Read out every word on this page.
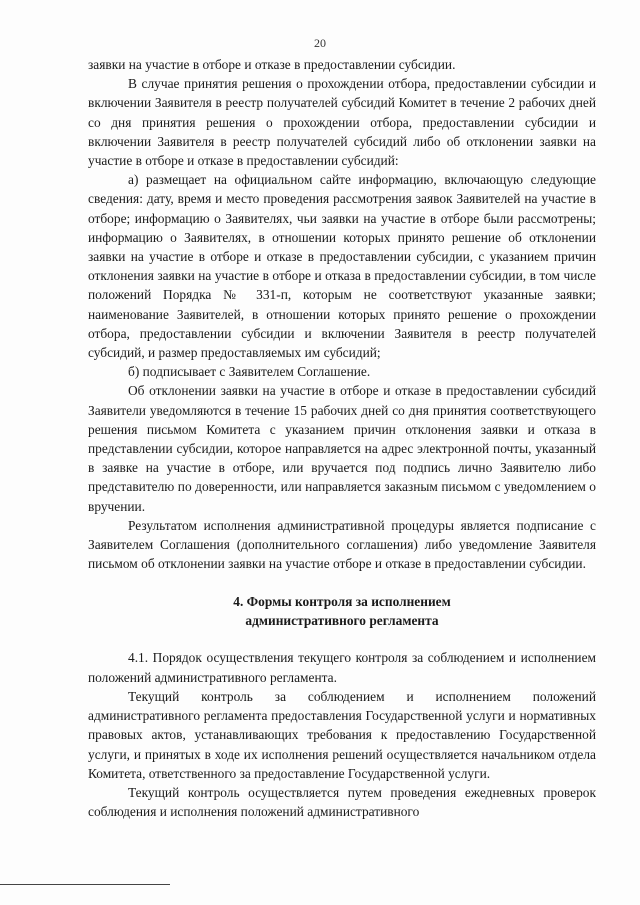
20

заявки на участие в отборе и отказе в предоставлении субсидии.

В случае принятия решения о прохождении отбора, предоставлении субсидии и включении Заявителя в реестр получателей субсидий Комитет в течение 2 рабочих дней со дня принятия решения о прохождении отбора, предоставлении субсидии и включении Заявителя в реестр получателей субсидий либо об отклонении заявки на участие в отборе и отказе в предоставлении субсидий:

а) размещает на официальном сайте информацию, включающую следующие сведения: дату, время и место проведения рассмотрения заявок Заявителей на участие в отборе; информацию о Заявителях, чьи заявки на участие в отборе были рассмотрены; информацию о Заявителях, в отношении которых принято решение об отклонении заявки на участие в отборе и отказе в предоставлении субсидии, с указанием причин отклонения заявки на участие в отборе и отказа в предоставлении субсидии, в том числе положений Порядка № 331-п, которым не соответствуют указанные заявки; наименование Заявителей, в отношении которых принято решение о прохождении отбора, предоставлении субсидии и включении Заявителя в реестр получателей субсидий, и размер предоставляемых им субсидий;

б) подписывает с Заявителем Соглашение.

Об отклонении заявки на участие в отборе и отказе в предоставлении субсидий Заявители уведомляются в течение 15 рабочих дней со дня принятия соответствующего решения письмом Комитета с указанием причин отклонения заявки и отказа в представлении субсидии, которое направляется на адрес электронной почты, указанный в заявке на участие в отборе, или вручается под подпись лично Заявителю либо представителю по доверенности, или направляется заказным письмом с уведомлением о вручении.

Результатом исполнения административной процедуры является подписание с Заявителем Соглашения (дополнительного соглашения) либо уведомление Заявителя письмом об отклонении заявки на участие отборе и отказе в предоставлении субсидии.

4. Формы контроля за исполнением
административного регламента

4.1. Порядок осуществления текущего контроля за соблюдением и исполнением положений административного регламента.

Текущий контроль за соблюдением и исполнением положений административного регламента предоставления Государственной услуги и нормативных правовых актов, устанавливающих требования к предоставлению Государственной услуги, и принятых в ходе их исполнения решений осуществляется начальником отдела Комитета, ответственного за предоставление Государственной услуги.

Текущий контроль осуществляется путем проведения ежедневных проверок соблюдения и исполнения положений административного
